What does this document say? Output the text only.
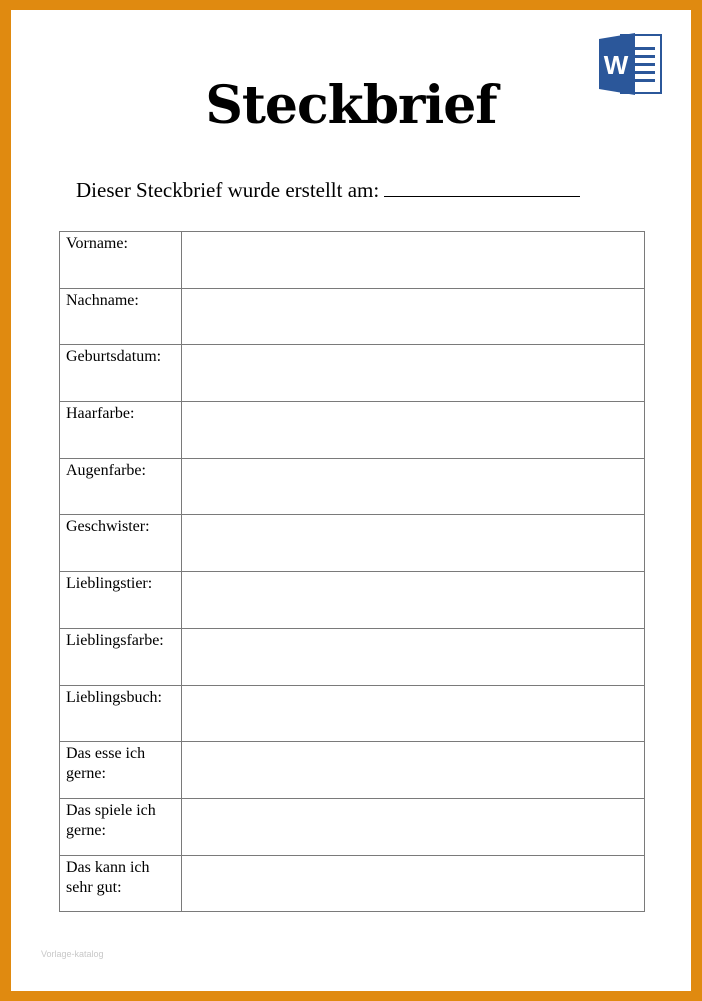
W
Steckbrief
Dieser Steckbrief wurde erstellt am:
Vorname:	
Nachname:	
Geburtsdatum:	
Haarfarbe:	
Augenfarbe:	
Geschwister:	
Lieblingstier:	
Lieblingsfarbe:	
Lieblingsbuch:	
Das esse ich gerne:	
Das spiele ich gerne:	
Das kann ich sehr gut:	
Vorlage-katalog
